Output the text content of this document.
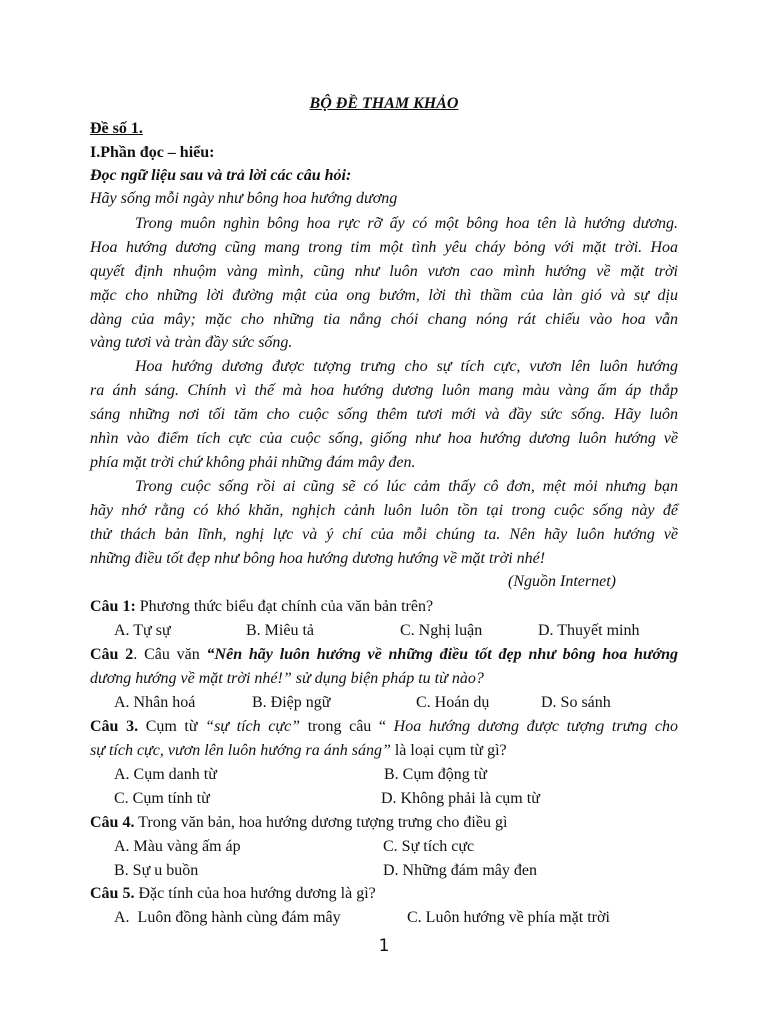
BỘ ĐỀ THAM KHẢO
Đề số 1.
I.Phần đọc – hiểu:
Đọc ngữ liệu sau và trả lời các câu hỏi:
Hãy sống mỗi ngày như bông hoa hướng dương
Trong muôn nghìn bông hoa rực rỡ ấy có một bông hoa tên là hướng dương.
Hoa hướng dương cũng mang trong tim một tình yêu cháy bỏng với mặt trời. Hoa
quyết định nhuộm vàng mình, cũng như luôn vươn cao mình hướng về mặt trời
mặc cho những lời đường mật của ong bướm, lời thì thầm của làn gió và sự dịu
dàng của mây; mặc cho những tia nắng chói chang nóng rát chiếu vào hoa vẫn
vàng tươi và tràn đầy sức sống.
Hoa hướng dương được tượng trưng cho sự tích cực, vươn lên luôn hướng
ra ánh sáng. Chính vì thế mà hoa hướng dương luôn mang màu vàng ấm áp thắp
sáng những nơi tối tăm cho cuộc sống thêm tươi mới và đầy sức sống. Hãy luôn
nhìn vào điểm tích cực của cuộc sống, giống như hoa hướng dương luôn hướng về
phía mặt trời chứ không phải những đám mây đen.
Trong cuộc sống rồi ai cũng sẽ có lúc cảm thấy cô đơn, mệt mỏi nhưng bạn
hãy nhớ rằng có khó khăn, nghịch cảnh luôn luôn tồn tại trong cuộc sống này để
thử thách bản lĩnh, nghị lực và ý chí của mỗi chúng ta. Nên hãy luôn hướng về
những điều tốt đẹp như bông hoa hướng dương hướng về mặt trời nhé!
(Nguồn Internet)
Câu 1: Phương thức biểu đạt chính của văn bản trên?
A. Tự sự	B. Miêu tả	C. Nghị luận	D. Thuyết minh
Câu 2. Câu văn “Nên hãy luôn hướng về những điều tốt đẹp như bông hoa hướng
dương hướng về mặt trời nhé!” sử dụng biện pháp tu từ nào?
A. Nhân hoá	B. Điệp ngữ	C. Hoán dụ	D. So sánh
Câu 3. Cụm từ “sự tích cực” trong câu “ Hoa hướng dương được tượng trưng cho
sự tích cực, vươn lên luôn hướng ra ánh sáng” là loại cụm từ gì?
A. Cụm danh từ	B. Cụm động từ
C. Cụm tính từ	D. Không phải là cụm từ
Câu 4. Trong văn bản, hoa hướng dương tượng trưng cho điều gì
A. Màu vàng ấm áp	C. Sự tích cực
B. Sự u buồn	D. Những đám mây đen
Câu 5. Đặc tính của hoa hướng dương là gì?
A.  Luôn đồng hành cùng đám mây	C. Luôn hướng về phía mặt trời
1
